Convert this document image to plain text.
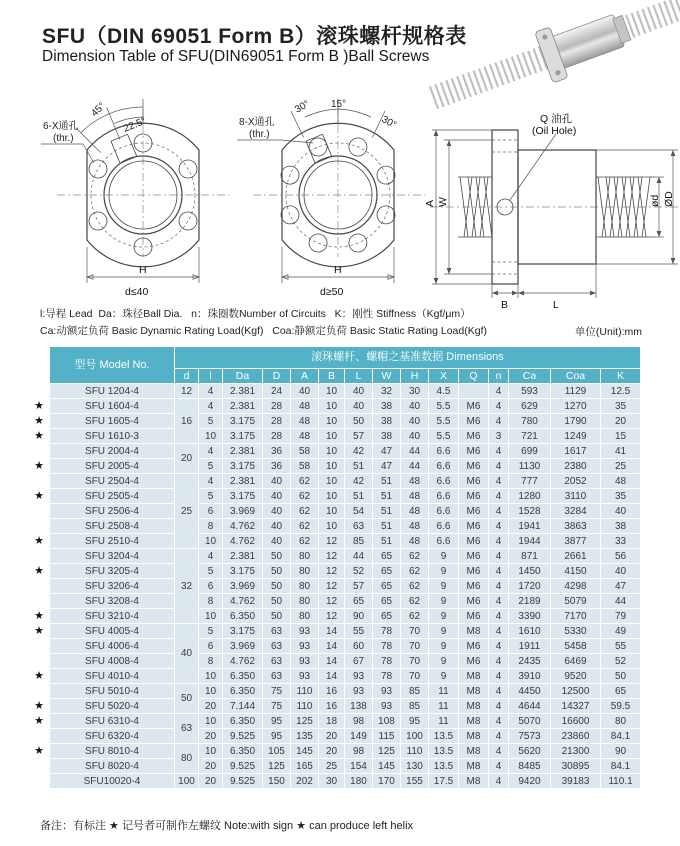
SFU（DIN 69051 Form B）滚珠螺杆规格表
Dimension Table of SFU(DIN69051 Form B )Ball Screws
45°
22.5°
6-X通孔
(thr.)
H
d≤40
30° 15°
30°
8-X通孔
(thr.)
H
d≥50
Q 油孔
(Oil Hole)
A W	ød ØD
B	L
l:导程 Lead  Da：珠径Ball Dia.   n：珠圈数Number of Circuits   K：刚性 Stiffness（Kgf/μm）
Ca:动额定负荷 Basic Dynamic Rating Load(Kgf)   Coa:静额定负荷 Basic Static Rating Load(Kgf)	单位(Unit):mm
	型号 Model No.	滚珠螺杆、螺帽之基准数据 Dimensions														
		d	l	Da	D	A	B	L	W	H	X	Q	n	Ca	Coa	K
	SFU 1204-4	12	4	2.381	24	40	10	40	32	30	4.5		4	593	1129	12.5
★	SFU 1604-4	16	4	2.381	28	48	10	40	38	40	5.5	M6	4	629	1270	35
★	SFU 1605-4		5	3.175	28	48	10	50	38	40	5.5	M6	4	780	1790	20
★	SFU 1610-3		10	3.175	28	48	10	57	38	40	5.5	M6	3	721	1249	15
	SFU 2004-4	20	4	2.381	36	58	10	42	47	44	6.6	M6	4	699	1617	41
★	SFU 2005-4		5	3.175	36	58	10	51	47	44	6.6	M6	4	1130	2380	25
	SFU 2504-4	25	4	2.381	40	62	10	42	51	48	6.6	M6	4	777	2052	48
★	SFU 2505-4		5	3.175	40	62	10	51	51	48	6.6	M6	4	1280	3110	35
	SFU 2506-4		6	3.969	40	62	10	54	51	48	6.6	M6	4	1528	3284	40
	SFU 2508-4		8	4.762	40	62	10	63	51	48	6.6	M6	4	1941	3863	38
★	SFU 2510-4		10	4.762	40	62	12	85	51	48	6.6	M6	4	1944	3877	33
	SFU 3204-4	32	4	2.381	50	80	12	44	65	62	9	M6	4	871	2661	56
★	SFU 3205-4		5	3.175	50	80	12	52	65	62	9	M6	4	1450	4150	40
	SFU 3206-4		6	3.969	50	80	12	57	65	62	9	M6	4	1720	4298	47
	SFU 3208-4		8	4.762	50	80	12	65	65	62	9	M6	4	2189	5079	44
★	SFU 3210-4		10	6.350	50	80	12	90	65	62	9	M6	4	3390	7170	79
★	SFU 4005-4	40	5	3.175	63	93	14	55	78	70	9	M8	4	1610	5330	49
	SFU 4006-4		6	3.969	63	93	14	60	78	70	9	M6	4	1911	5458	55
	SFU 4008-4		8	4.762	63	93	14	67	78	70	9	M6	4	2435	6469	52
★	SFU 4010-4		10	6.350	63	93	14	93	78	70	9	M8	4	3910	9520	50
	SFU 5010-4	50	10	6.350	75	110	16	93	93	85	11	M8	4	4450	12500	65
★	SFU 5020-4		20	7.144	75	110	16	138	93	85	11	M8	4	4644	14327	59.5
★	SFU 6310-4	63	10	6.350	95	125	18	98	108	95	11	M8	4	5070	16600	80
	SFU 6320-4		20	9.525	95	135	20	149	115	100	13.5	M8	4	7573	23860	84.1
★	SFU 8010-4	80	10	6.350	105	145	20	98	125	110	13.5	M8	4	5620	21300	90
	SFU 8020-4		20	9.525	125	165	25	154	145	130	13.5	M8	4	8485	30895	84.1
	SFU10020-4	100	20	9.525	150	202	30	180	170	155	17.5	M8	4	9420	39183	110.1
备注：有标注 ★ 记号者可制作左螺纹 Note:with sign ★ can produce left helix
